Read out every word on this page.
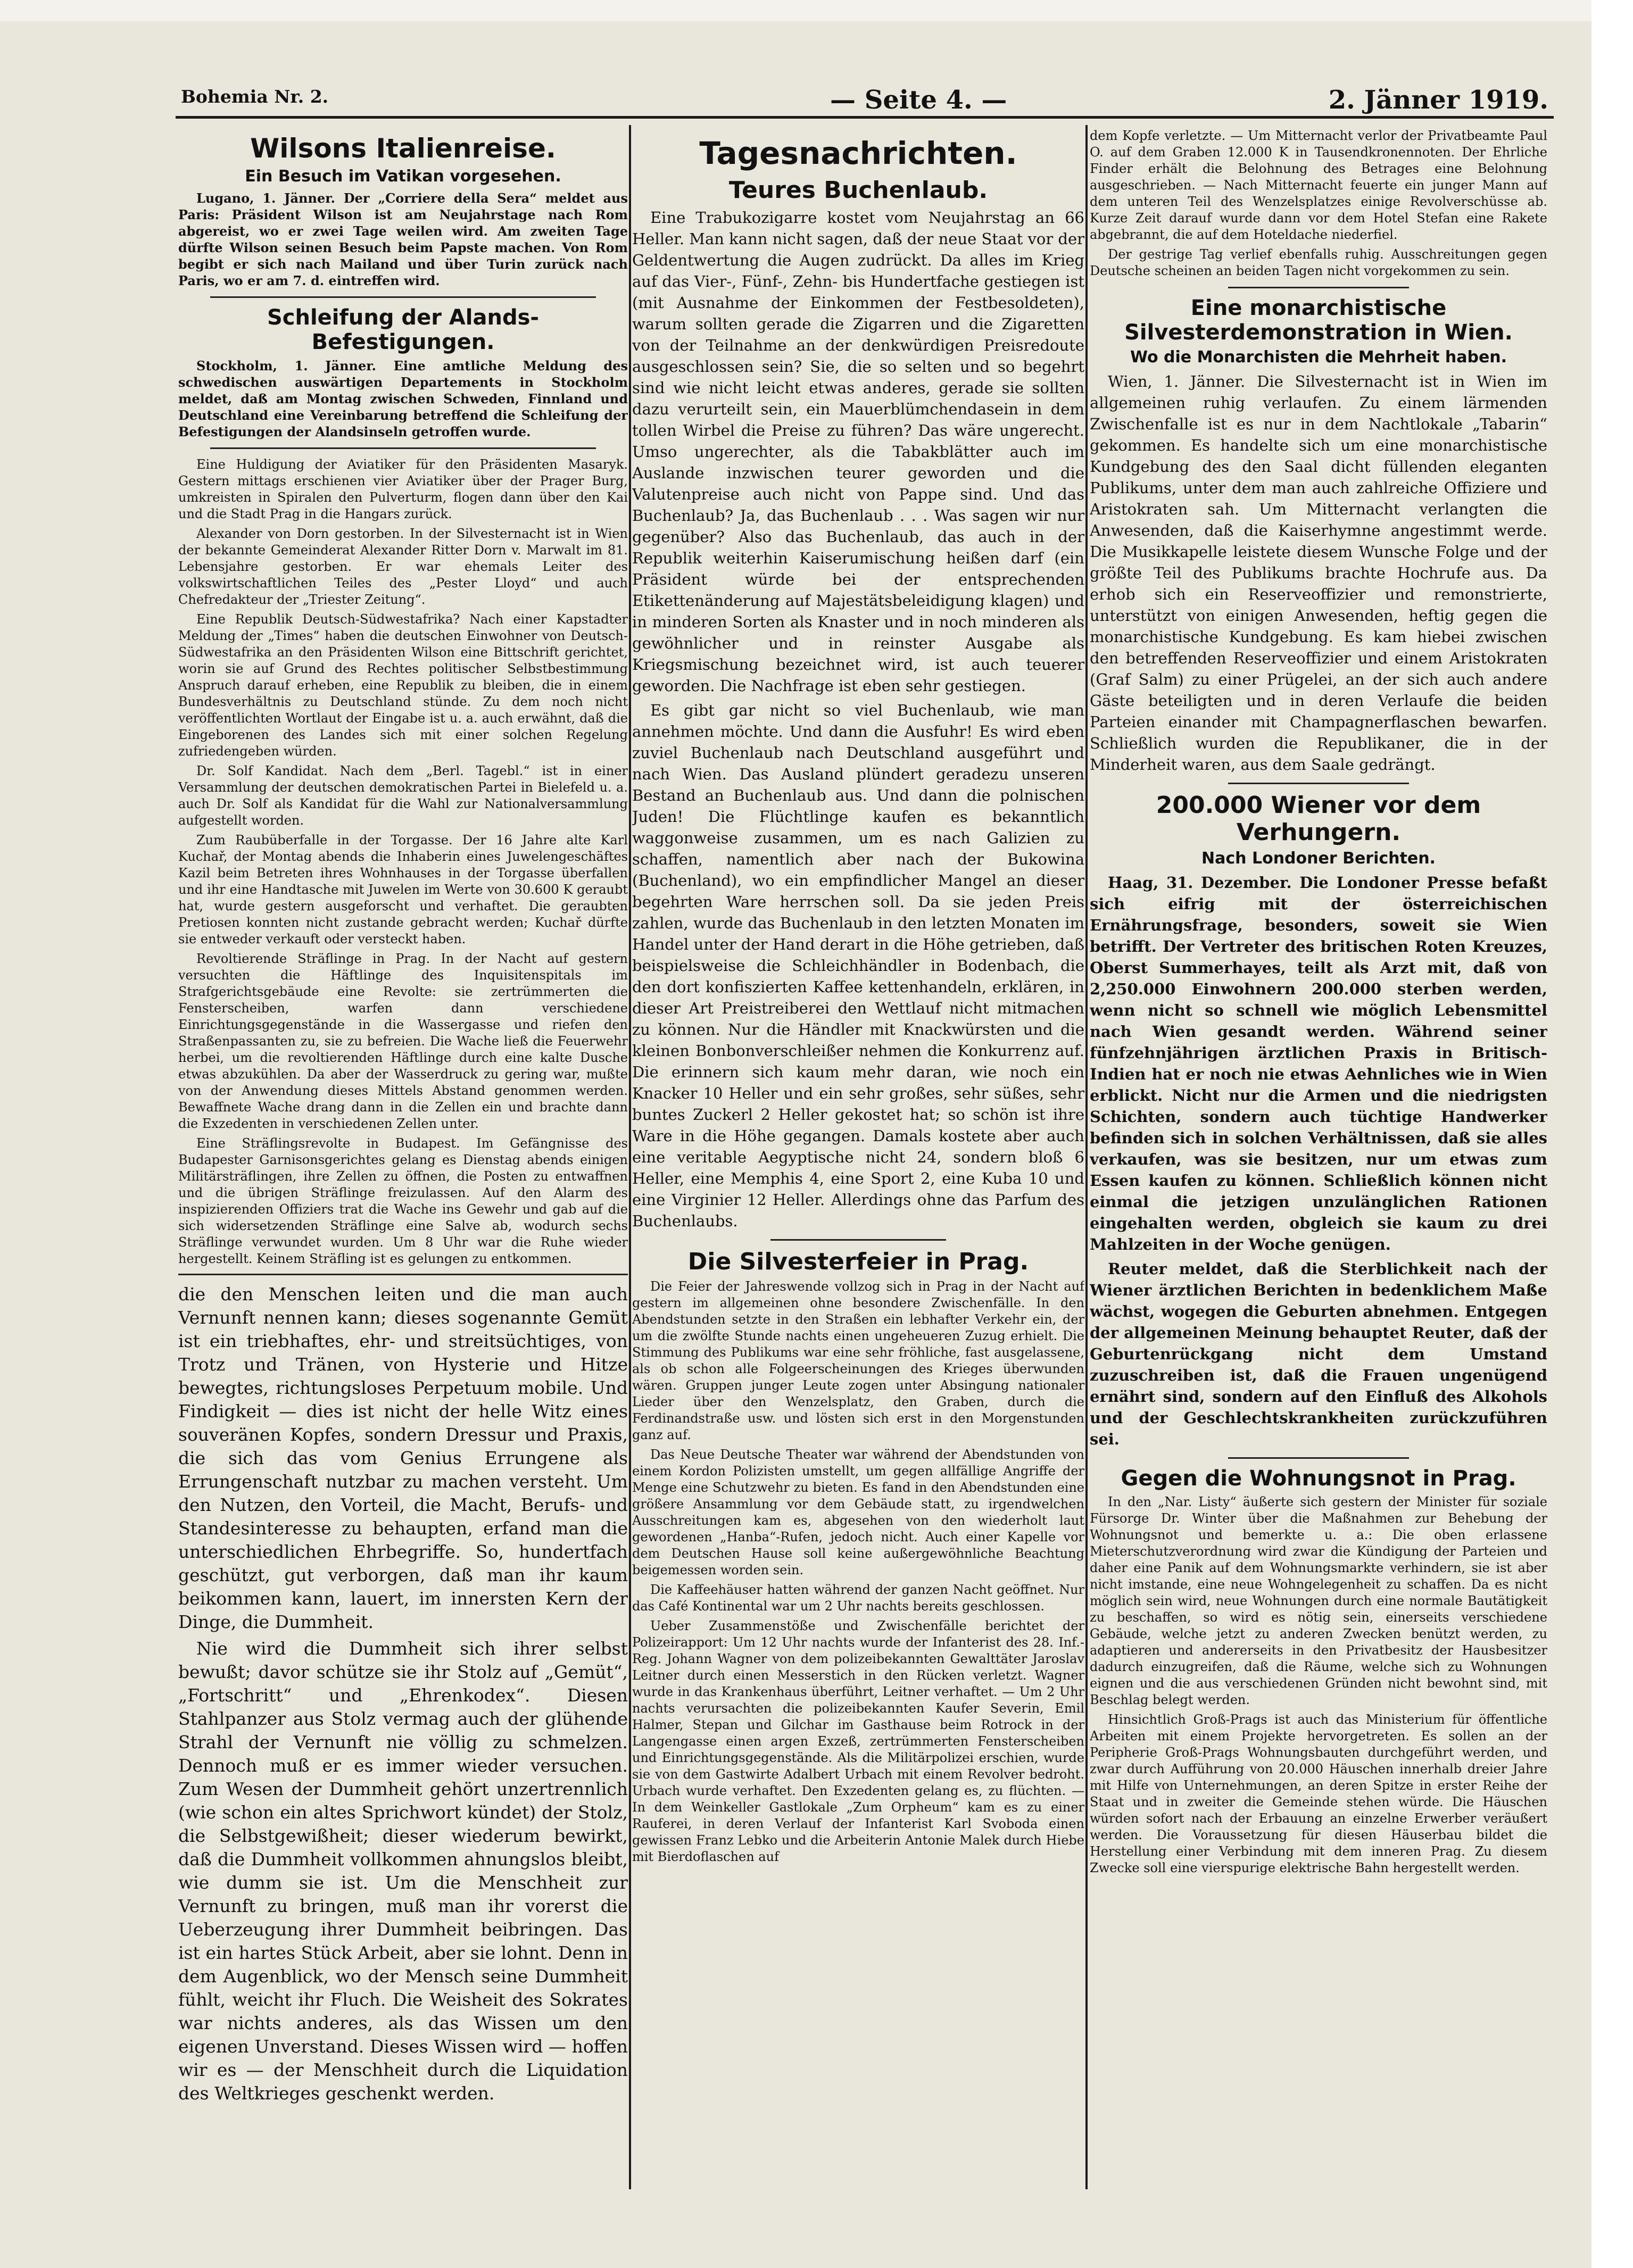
Bohemia Nr. 2.	— Seite 4. —	2. Jänner 1919.
Wilsons Italienreise.
Ein Besuch im Vatikan vorgesehen.

Lugano, 1. Jänner. Der „Corriere della Sera“ meldet aus Paris: Präsident Wilson ist am Neujahrstage nach Rom abgereist, wo er zwei Tage weilen wird. Am zweiten Tage dürfte Wilson seinen Besuch beim Papste machen. Von Rom begibt er sich nach Mailand und über Turin zurück nach Paris, wo er am 7. d. eintreffen wird.

Schleifung der Alands-Befestigungen.

Stockholm, 1. Jänner. Eine amtliche Meldung des schwedischen auswärtigen Departements in Stockholm meldet, daß am Montag zwischen Schweden, Finnland und Deutschland eine Vereinbarung betreffend die Schleifung der Befestigungen der Alandsinseln getroffen wurde.

Eine Huldigung der Aviatiker für den Präsidenten Masaryk. Gestern mittags erschienen vier Aviatiker über der Prager Burg, umkreisten in Spiralen den Pulverturm, flogen dann über den Kai und die Stadt Prag in die Hangars zurück.

Alexander von Dorn gestorben. In der Silvesternacht ist in Wien der bekannte Gemeinderat Alexander Ritter Dorn v. Marwalt im 81. Lebensjahre gestorben. Er war ehemals Leiter des volkswirtschaftlichen Teiles des „Pester Lloyd“ und auch Chefredakteur der „Triester Zeitung“.

Eine Republik Deutsch-Südwestafrika? Nach einer Kapstadter Meldung der „Times“ haben die deutschen Einwohner von Deutsch-Südwestafrika an den Präsidenten Wilson eine Bittschrift gerichtet, worin sie auf Grund des Rechtes politischer Selbstbestimmung Anspruch darauf erheben, eine Republik zu bleiben, die in einem Bundesverhältnis zu Deutschland stünde. Zu dem noch nicht veröffentlichten Wortlaut der Eingabe ist u. a. auch erwähnt, daß die Eingeborenen des Landes sich mit einer solchen Regelung zufriedengeben würden.

Dr. Solf Kandidat. Nach dem „Berl. Tagebl.“ ist in einer Versammlung der deutschen demokratischen Partei in Bielefeld u. a. auch Dr. Solf als Kandidat für die Wahl zur Nationalversammlung aufgestellt worden.

Zum Raubüberfalle in der Torgasse. Der 16 Jahre alte Karl Kuchař, der Montag abends die Inhaberin eines Juwelengeschäftes Kazil beim Betreten ihres Wohnhauses in der Torgasse überfallen und ihr eine Handtasche mit Juwelen im Werte von 30.600 K geraubt hat, wurde gestern ausgeforscht und verhaftet. Die geraubten Pretiosen konnten nicht zustande gebracht werden; Kuchař dürfte sie entweder verkauft oder versteckt haben.

Revoltierende Sträflinge in Prag. In der Nacht auf gestern versuchten die Häftlinge des Inquisitenspitals im Strafgerichtsgebäude eine Revolte: sie zertrümmerten die Fensterscheiben, warfen dann verschiedene Einrichtungsgegenstände in die Wassergasse und riefen den Straßenpassanten zu, sie zu befreien. Die Wache ließ die Feuerwehr herbei, um die revoltierenden Häftlinge durch eine kalte Dusche etwas abzukühlen. Da aber der Wasserdruck zu gering war, mußte von der Anwendung dieses Mittels Abstand genommen werden. Bewaffnete Wache drang dann in die Zellen ein und brachte dann die Exzedenten in verschiedenen Zellen unter.

Eine Sträflingsrevolte in Budapest. Im Gefängnisse des Budapester Garnisonsgerichtes gelang es Dienstag abends einigen Militärsträflingen, ihre Zellen zu öffnen, die Posten zu entwaffnen und die übrigen Sträflinge freizulassen. Auf den Alarm des inspizierenden Offiziers trat die Wache ins Gewehr und gab auf die sich widersetzenden Sträflinge eine Salve ab, wodurch sechs Sträflinge verwundet wurden. Um 8 Uhr war die Ruhe wieder hergestellt. Keinem Sträfling ist es gelungen zu entkommen.

die den Menschen leiten und die man auch Vernunft nennen kann; dieses sogenannte Gemüt ist ein triebhaftes, ehr- und streitsüchtiges, von Trotz und Tränen, von Hysterie und Hitze bewegtes, richtungsloses Perpetuum mobile. Und Findigkeit — dies ist nicht der helle Witz eines souveränen Kopfes, sondern Dressur und Praxis, die sich das vom Genius Errungene als Errungenschaft nutzbar zu machen versteht. Um den Nutzen, den Vorteil, die Macht, Berufs- und Standesinteresse zu behaupten, erfand man die unterschiedlichen Ehrbegriffe. So, hundertfach geschützt, gut verborgen, daß man ihr kaum beikommen kann, lauert, im innersten Kern der Dinge, die Dummheit.

Nie wird die Dummheit sich ihrer selbst bewußt; davor schütze sie ihr Stolz auf „Gemüt“, „Fortschritt“ und „Ehrenkodex“. Diesen Stahlpanzer aus Stolz vermag auch der glühende Strahl der Vernunft nie völlig zu schmelzen. Dennoch muß er es immer wieder versuchen. Zum Wesen der Dummheit gehört unzertrennlich (wie schon ein altes Sprichwort kündet) der Stolz, die Selbstgewißheit; dieser wiederum bewirkt, daß die Dummheit vollkommen ahnungslos bleibt, wie dumm sie ist. Um die Menschheit zur Vernunft zu bringen, muß man ihr vorerst die Ueberzeugung ihrer Dummheit beibringen. Das ist ein hartes Stück Arbeit, aber sie lohnt. Denn in dem Augenblick, wo der Mensch seine Dummheit fühlt, weicht ihr Fluch. Die Weisheit des Sokrates war nichts anderes, als das Wissen um den eigenen Unverstand. Dieses Wissen wird — hoffen wir es — der Menschheit durch die Liquidation des Weltkrieges geschenkt werden.

Tagesnachrichten.
Teures Buchenlaub.

Eine Trabukozigarre kostet vom Neujahrstag an 66 Heller. Man kann nicht sagen, daß der neue Staat vor der Geldentwertung die Augen zudrückt. Da alles im Krieg auf das Vier-, Fünf-, Zehn- bis Hundertfache gestiegen ist (mit Ausnahme der Einkommen der Festbesoldeten), warum sollten gerade die Zigarren und die Zigaretten von der Teilnahme an der denkwürdigen Preisredoute ausgeschlossen sein? Sie, die so selten und so begehrt sind wie nicht leicht etwas anderes, gerade sie sollten dazu verurteilt sein, ein Mauerblümchendasein in dem tollen Wirbel die Preise zu führen? Das wäre ungerecht. Umso ungerechter, als die Tabakblätter auch im Auslande inzwischen teurer geworden und die Valutenpreise auch nicht von Pappe sind. Und das Buchenlaub? Ja, das Buchenlaub . . . Was sagen wir nur gegenüber? Also das Buchenlaub, das auch in der Republik weiterhin Kaiserumischung heißen darf (ein Präsident würde bei der entsprechenden Etikettenänderung auf Majestätsbeleidigung klagen) und in minderen Sorten als Knaster und in noch minderen als gewöhnlicher und in reinster Ausgabe als Kriegsmischung bezeichnet wird, ist auch teuerer geworden. Die Nachfrage ist eben sehr gestiegen.

Es gibt gar nicht so viel Buchenlaub, wie man annehmen möchte. Und dann die Ausfuhr! Es wird eben zuviel Buchenlaub nach Deutschland ausgeführt und nach Wien. Das Ausland plündert geradezu unseren Bestand an Buchenlaub aus. Und dann die polnischen Juden! Die Flüchtlinge kaufen es bekanntlich waggonweise zusammen, um es nach Galizien zu schaffen, namentlich aber nach der Bukowina (Buchenland), wo ein empfindlicher Mangel an dieser begehrten Ware herrschen soll. Da sie jeden Preis zahlen, wurde das Buchenlaub in den letzten Monaten im Handel unter der Hand derart in die Höhe getrieben, daß beispielsweise die Schleichhändler in Bodenbach, die den dort konfiszierten Kaffee kettenhandeln, erklären, in dieser Art Preistreiberei den Wettlauf nicht mitmachen zu können. Nur die Händler mit Knackwürsten und die kleinen Bonbonverschleißer nehmen die Konkurrenz auf. Die erinnern sich kaum mehr daran, wie noch ein Knacker 10 Heller und ein sehr großes, sehr süßes, sehr buntes Zuckerl 2 Heller gekostet hat; so schön ist ihre Ware in die Höhe gegangen. Damals kostete aber auch eine veritable Aegyptische nicht 24, sondern bloß 6 Heller, eine Memphis 4, eine Sport 2, eine Kuba 10 und eine Virginier 12 Heller. Allerdings ohne das Parfum des Buchenlaubs.

Die Silvesterfeier in Prag.

Die Feier der Jahreswende vollzog sich in Prag in der Nacht auf gestern im allgemeinen ohne besondere Zwischenfälle. In den Abendstunden setzte in den Straßen ein lebhafter Verkehr ein, der um die zwölfte Stunde nachts einen ungeheueren Zuzug erhielt. Die Stimmung des Publikums war eine sehr fröhliche, fast ausgelassene, als ob schon alle Folgeerscheinungen des Krieges überwunden wären. Gruppen junger Leute zogen unter Absingung nationaler Lieder über den Wenzelsplatz, den Graben, durch die Ferdinandstraße usw. und lösten sich erst in den Morgenstunden ganz auf.

Das Neue Deutsche Theater war während der Abendstunden von einem Kordon Polizisten umstellt, um gegen allfällige Angriffe der Menge eine Schutzwehr zu bieten. Es fand in den Abendstunden eine größere Ansammlung vor dem Gebäude statt, zu irgendwelchen Ausschreitungen kam es, abgesehen von den wiederholt laut gewordenen „Hanba“-Rufen, jedoch nicht. Auch einer Kapelle vor dem Deutschen Hause soll keine außergewöhnliche Beachtung beigemessen worden sein.

Die Kaffeehäuser hatten während der ganzen Nacht geöffnet. Nur das Café Kontinental war um 2 Uhr nachts bereits geschlossen.

Ueber Zusammenstöße und Zwischenfälle berichtet der Polizeirapport: Um 12 Uhr nachts wurde der Infanterist des 28. Inf.-Reg. Johann Wagner von dem polizeibekannten Gewalttäter Jaroslav Leitner durch einen Messerstich in den Rücken verletzt. Wagner wurde in das Krankenhaus überführt, Leitner verhaftet. — Um 2 Uhr nachts verursachten die polizeibekannten Kaufer Severin, Emil Halmer, Stepan und Gilchar im Gasthause beim Rotrock in der Langengasse einen argen Exzeß, zertrümmerten Fensterscheiben und Einrichtungsgegenstände. Als die Militärpolizei erschien, wurde sie von dem Gastwirte Adalbert Urbach mit einem Revolver bedroht. Urbach wurde verhaftet. Den Exzedenten gelang es, zu flüchten. — In dem Weinkeller Gastlokale „Zum Orpheum“ kam es zu einer Rauferei, in deren Verlauf der Infanterist Karl Svoboda einen gewissen Franz Lebko und die Arbeiterin Antonie Malek durch Hiebe mit Bierdoflaschen auf

dem Kopfe verletzte. — Um Mitternacht verlor der Privatbeamte Paul O. auf dem Graben 12.000 K in Tausendkronennoten. Der Ehrliche Finder erhält die Belohnung des Betrages eine Belohnung ausgeschrieben. — Nach Mitternacht feuerte ein junger Mann auf dem unteren Teil des Wenzelsplatzes einige Revolverschüsse ab. Kurze Zeit darauf wurde dann vor dem Hotel Stefan eine Rakete abgebrannt, die auf dem Hoteldache niederfiel.

Der gestrige Tag verlief ebenfalls ruhig. Ausschreitungen gegen Deutsche scheinen an beiden Tagen nicht vorgekommen zu sein.

Eine monarchistische Silvesterdemonstration in Wien.
Wo die Monarchisten die Mehrheit haben.

Wien, 1. Jänner. Die Silvesternacht ist in Wien im allgemeinen ruhig verlaufen. Zu einem lärmenden Zwischenfalle ist es nur in dem Nachtlokale „Tabarin“ gekommen. Es handelte sich um eine monarchistische Kundgebung des den Saal dicht füllenden eleganten Publikums, unter dem man auch zahlreiche Offiziere und Aristokraten sah. Um Mitternacht verlangten die Anwesenden, daß die Kaiserhymne angestimmt werde. Die Musikkapelle leistete diesem Wunsche Folge und der größte Teil des Publikums brachte Hochrufe aus. Da erhob sich ein Reserveoffizier und remonstrierte, unterstützt von einigen Anwesenden, heftig gegen die monarchistische Kundgebung. Es kam hiebei zwischen den betreffenden Reserveoffizier und einem Aristokraten (Graf Salm) zu einer Prügelei, an der sich auch andere Gäste beteiligten und in deren Verlaufe die beiden Parteien einander mit Champagnerflaschen bewarfen. Schließlich wurden die Republikaner, die in der Minderheit waren, aus dem Saale gedrängt.

200.000 Wiener vor dem Verhungern.
Nach Londoner Berichten.

Haag, 31. Dezember. Die Londoner Presse befaßt sich eifrig mit der österreichischen Ernährungsfrage, besonders, soweit sie Wien betrifft. Der Vertreter des britischen Roten Kreuzes, Oberst Summerhayes, teilt als Arzt mit, daß von 2,250.000 Einwohnern 200.000 sterben werden, wenn nicht so schnell wie möglich Lebensmittel nach Wien gesandt werden. Während seiner fünfzehnjährigen ärztlichen Praxis in Britisch-Indien hat er noch nie etwas Aehnliches wie in Wien erblickt. Nicht nur die Armen und die niedrigsten Schichten, sondern auch tüchtige Handwerker befinden sich in solchen Verhältnissen, daß sie alles verkaufen, was sie besitzen, nur um etwas zum Essen kaufen zu können. Schließlich können nicht einmal die jetzigen unzulänglichen Rationen eingehalten werden, obgleich sie kaum zu drei Mahlzeiten in der Woche genügen.

Reuter meldet, daß die Sterblichkeit nach der Wiener ärztlichen Berichten in bedenklichem Maße wächst, wogegen die Geburten abnehmen. Entgegen der allgemeinen Meinung behauptet Reuter, daß der Geburtenrückgang nicht dem Umstand zuzuschreiben ist, daß die Frauen ungenügend ernährt sind, sondern auf den Einfluß des Alkohols und der Geschlechtskrankheiten zurückzuführen sei.

Gegen die Wohnungsnot in Prag.

In den „Nar. Listy“ äußerte sich gestern der Minister für soziale Fürsorge Dr. Winter über die Maßnahmen zur Behebung der Wohnungsnot und bemerkte u. a.: Die oben erlassene Mieterschutzverordnung wird zwar die Kündigung der Parteien und daher eine Panik auf dem Wohnungsmarkte verhindern, sie ist aber nicht imstande, eine neue Wohngelegenheit zu schaffen. Da es nicht möglich sein wird, neue Wohnungen durch eine normale Bautätigkeit zu beschaffen, so wird es nötig sein, einerseits verschiedene Gebäude, welche jetzt zu anderen Zwecken benützt werden, zu adaptieren und andererseits in den Privatbesitz der Hausbesitzer dadurch einzugreifen, daß die Räume, welche sich zu Wohnungen eignen und die aus verschiedenen Gründen nicht bewohnt sind, mit Beschlag belegt werden.

Hinsichtlich Groß-Prags ist auch das Ministerium für öffentliche Arbeiten mit einem Projekte hervorgetreten. Es sollen an der Peripherie Groß-Prags Wohnungsbauten durchgeführt werden, und zwar durch Aufführung von 20.000 Häuschen innerhalb dreier Jahre mit Hilfe von Unternehmungen, an deren Spitze in erster Reihe der Staat und in zweiter die Gemeinde stehen würde. Die Häuschen würden sofort nach der Erbauung an einzelne Erwerber veräußert werden. Die Voraussetzung für diesen Häuserbau bildet die Herstellung einer Verbindung mit dem inneren Prag. Zu diesem Zwecke soll eine vierspurige elektrische Bahn hergestellt werden.
